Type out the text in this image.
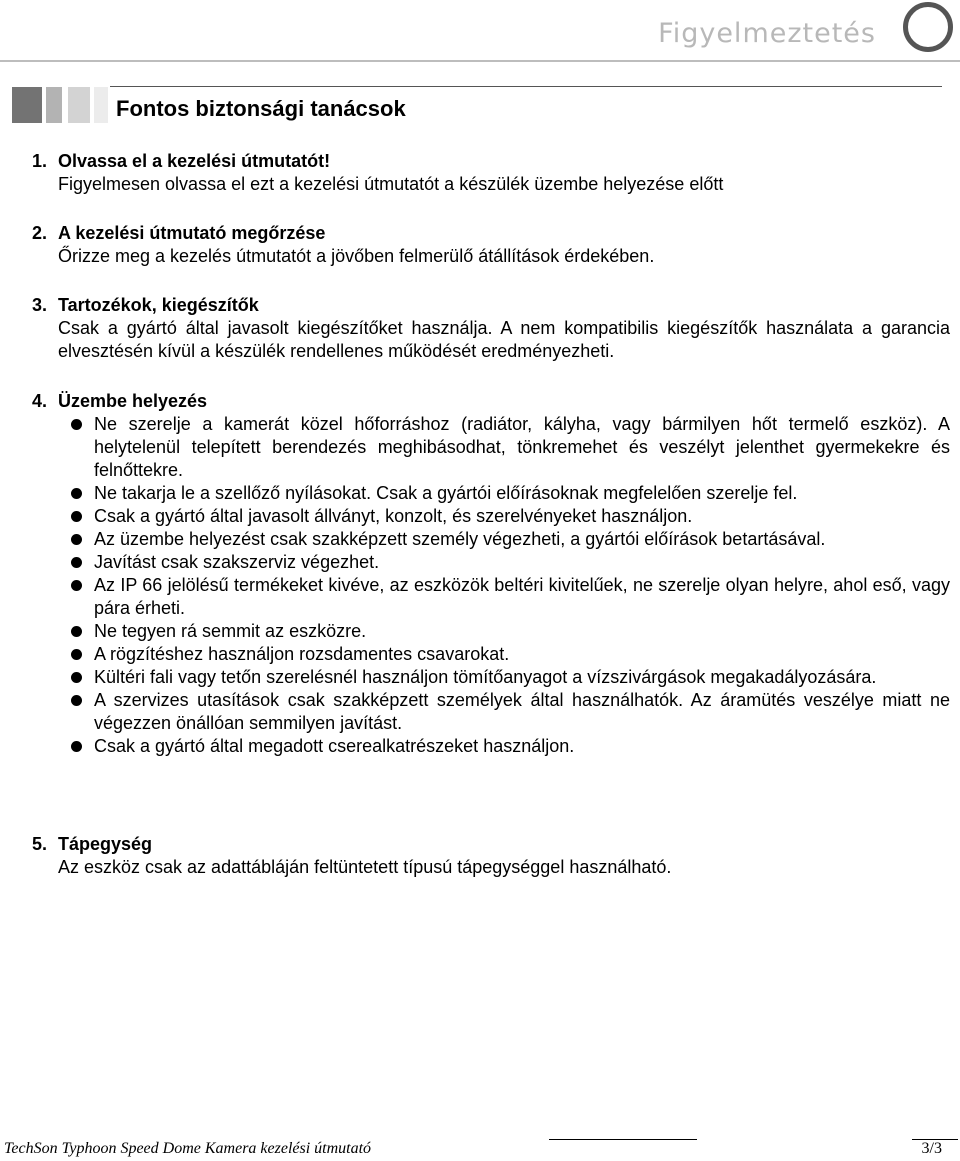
Figyelmeztetés
Fontos biztonsági tanácsok
1. Olvassa el a kezelési útmutatót!
Figyelmesen olvassa el ezt a kezelési útmutatót a készülék üzembe helyezése előtt
2. A kezelési útmutató megőrzése
Őrizze meg a kezelés útmutatót a jövőben felmerülő átállítások érdekében.
3. Tartozékok, kiegészítők
Csak a gyártó által javasolt kiegészítőket használja. A nem kompatibilis kiegészítők használata a garancia elvesztésén kívül a készülék rendellenes működését eredményezheti.
4. Üzembe helyezés
Ne szerelje a kamerát közel hőforráshoz (radiátor, kályha, vagy bármilyen hőt termelő eszköz). A helytelenül telepített berendezés meghibásodhat, tönkremehet és veszélyt jelenthet gyermekekre és felnőttekre.
Ne takarja le a szellőző nyílásokat. Csak a gyártói előírásoknak megfelelően szerelje fel.
Csak a gyártó által javasolt állványt, konzolt, és szerelvényeket használjon.
Az üzembe helyezést csak szakképzett személy végezheti, a gyártói előírások betartásával.
Javítást csak szakszerviz végezhet.
Az IP 66 jelölésű termékeket kivéve, az eszközök beltéri kivitelűek, ne szerelje olyan helyre, ahol eső, vagy pára érheti.
Ne tegyen rá semmit az eszközre.
A rögzítéshez használjon rozsdamentes csavarokat.
Kültéri fali vagy tetőn szerelésnél használjon tömítőanyagot a vízszivárgások megakadályozására.
A szervizes utasítások csak szakképzett személyek által használhatók. Az áramütés veszélye miatt ne végezzen önállóan semmilyen javítást.
Csak a gyártó által megadott cserealkatrészeket használjon.
5. Tápegység
Az eszköz csak az adattábláján feltüntetett típusú tápegységgel használható.
TechSon Typhoon Speed Dome Kamera kezelési útmutató	3/3
